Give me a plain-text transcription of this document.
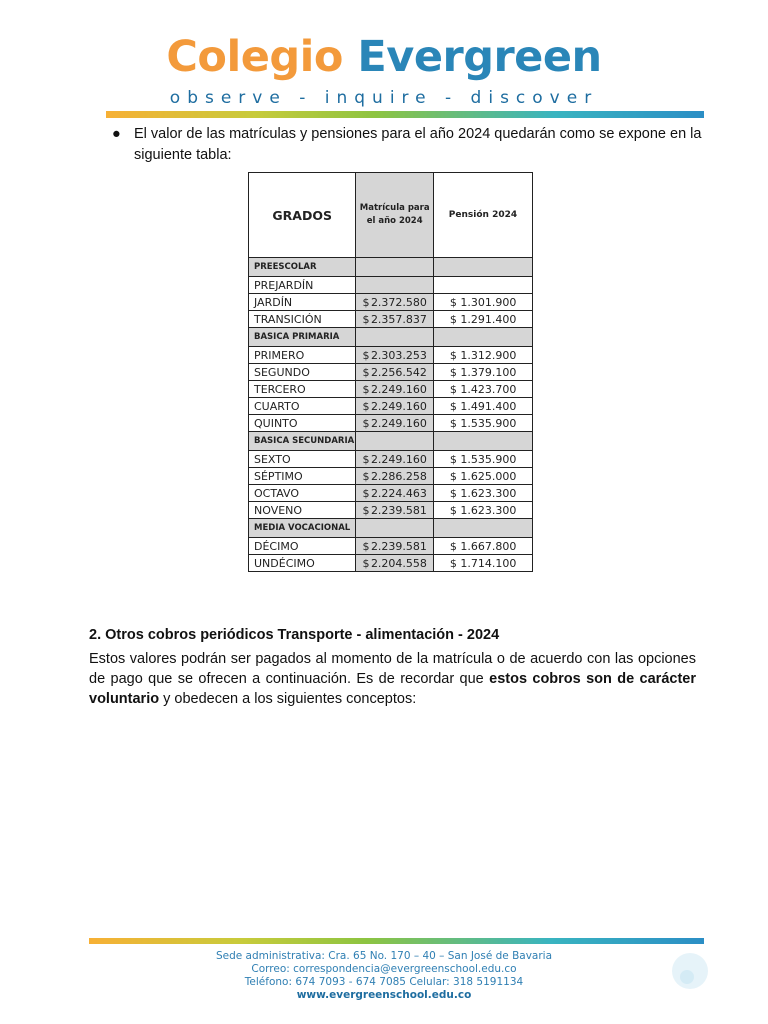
Colegio Evergreen
observe - inquire - discover
● El valor de las matrículas y pensiones para el año 2024 quedarán como se expone en la siguiente tabla:
GRADOS	Matrícula para el año 2024	Pensión 2024
PREESCOLAR		
PREJARDÍN		
JARDÍN	$ 2.372.580	$ 1.301.900
TRANSICIÓN	$ 2.357.837	$ 1.291.400
BASICA PRIMARIA		
PRIMERO	$ 2.303.253	$ 1.312.900
SEGUNDO	$ 2.256.542	$ 1.379.100
TERCERO	$ 2.249.160	$ 1.423.700
CUARTO	$ 2.249.160	$ 1.491.400
QUINTO	$ 2.249.160	$ 1.535.900
BASICA SECUNDARIA		
SEXTO	$ 2.249.160	$ 1.535.900
SÉPTIMO	$ 2.286.258	$ 1.625.000
OCTAVO	$ 2.224.463	$ 1.623.300
NOVENO	$ 2.239.581	$ 1.623.300
MEDIA VOCACIONAL		
DÉCIMO	$ 2.239.581	$ 1.667.800
UNDÉCIMO	$ 2.204.558	$ 1.714.100
2. Otros cobros periódicos Transporte - alimentación - 2024
Estos valores podrán ser pagados al momento de la matrícula o de acuerdo con las opciones de pago que se ofrecen a continuación. Es de recordar que estos cobros son de carácter voluntario y obedecen a los siguientes conceptos:
Sede administrativa: Cra. 65 No. 170 – 40 – San José de Bavaria
Correo: correspondencia@evergreenschool.edu.co
Teléfono: 674 7093 - 674 7085 Celular: 318 5191134
www.evergreenschool.edu.co
